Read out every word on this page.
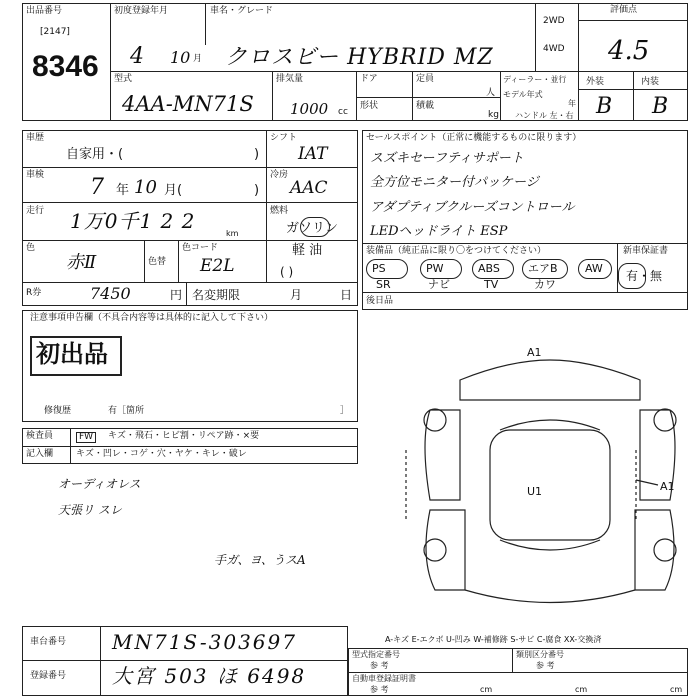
出品番号
[2147]
8346
初度登録年月
4 10 月
車名・グレード
クロスビー HYBRID MZ
2WD
4WD
評価点
4.5
型式
4AA-MN71S
排気量
1000 cc
ドア	定員
人
形状	積載
kg
ディーラー・並行
モデル年式
年
ハンドル 左・右
外装	内装
B B
車歴
自家用・(	)
シフト
IAT
車検 7 年 10 月(	)
冷房
AAC
走行 1万0千1 2 2
km
燃料
ガソリン
軽 油
色
赤Ⅱ	色替
色コード
E2L	( )
R券	7450	円 名変期限	月	日
セールスポイント（正常に機能するものに限ります）
スズキセーフティサポート
全方位モニター付パッケージ
アダプティブクルーズコントロール
LEDヘッドライト ESP
装備品（純正品に限り〇をつけてください）	新車保証書
有・無
PS	PW	ABS	エアB AW
SR	ナビ	TV	カワ
後日品
注意事項申告欄（不具合内容等は具体的に記入して下さい）
初出品
修復歴	有［箇所	］
検査員	FW	キズ・飛石・ヒビ割・リペア跡・×要
記入欄	キズ・凹レ・コゲ・穴・ヤケ・キレ・破レ
オーディオレス
天張リ スレ
手ガ、ヨ、うスA
A1
A1
U1
車台番号 MN71S-303697
登録番号 大宮 503 ほ 6498
A-キズ E-エクボ U-凹み W-補修跡 S-サビ C-腐食 XX-交換済
型式指定番号
参 考
類別区分番号
参 考
自動車登録証明書
参 考	cm	cm	cm
